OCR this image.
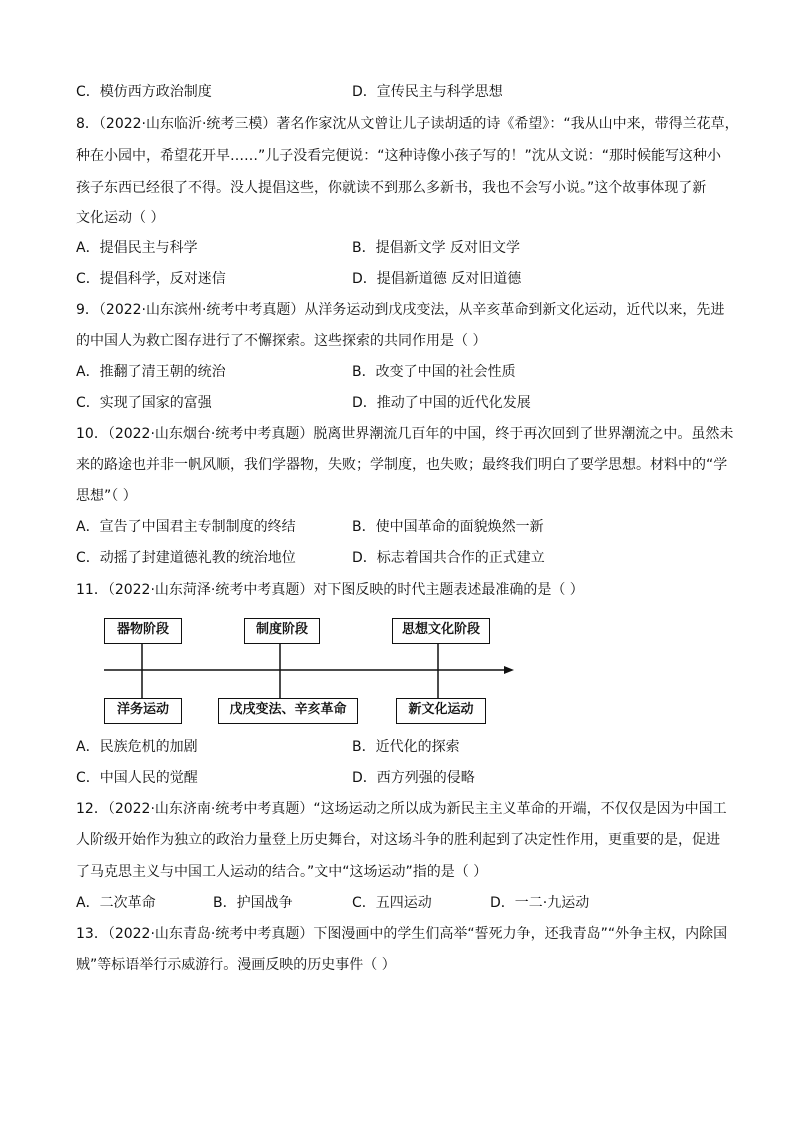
C．模仿西方政治制度	D．宣传民主与科学思想
8．（2022·山东临沂·统考三模）著名作家沈从文曾让儿子读胡适的诗《希望》：“我从山中来，带得兰花草，
种在小园中，希望花开早……”儿子没看完便说：“这种诗像小孩子写的！”沈从文说：“那时候能写这种小
孩子东西已经很了不得。没人提倡这些，你就读不到那么多新书，我也不会写小说。”这个故事体现了新
文化运动（ ）
A．提倡民主与科学	B．提倡新文学 反对旧文学
C．提倡科学，反对迷信	D．提倡新道德 反对旧道德
9．（2022·山东滨州·统考中考真题）从洋务运动到戊戌变法，从辛亥革命到新文化运动，近代以来，先进
的中国人为救亡图存进行了不懈探索。这些探索的共同作用是（ ）
A．推翻了清王朝的统治	B．改变了中国的社会性质
C．实现了国家的富强	D．推动了中国的近代化发展
10．（2022·山东烟台·统考中考真题）脱离世界潮流几百年的中国，终于再次回到了世界潮流之中。虽然未
来的路途也并非一帆风顺，我们学器物，失败；学制度，也失败；最终我们明白了要学思想。材料中的“学
思想”（ ）
A．宣告了中国君主专制制度的终结	B．使中国革命的面貌焕然一新
C．动摇了封建道德礼教的统治地位	D．标志着国共合作的正式建立
11．（2022·山东菏泽·统考中考真题）对下图反映的时代主题表述最准确的是（ ）
器物阶段	制度阶段	思想文化阶段
洋务运动	戊戌变法、辛亥革命	新文化运动
A．民族危机的加剧	B．近代化的探索
C．中国人民的觉醒	D．西方列强的侵略
12．（2022·山东济南·统考中考真题）“这场运动之所以成为新民主主义革命的开端，不仅仅是因为中国工
人阶级开始作为独立的政治力量登上历史舞台，对这场斗争的胜利起到了决定性作用，更重要的是，促进
了马克思主义与中国工人运动的结合。”文中“这场运动”指的是（ ）
A．二次革命	B．护国战争	C．五四运动	D．一二·九运动
13．（2022·山东青岛·统考中考真题）下图漫画中的学生们高举“誓死力争，还我青岛”“外争主权，内除国
贼”等标语举行示威游行。漫画反映的历史事件（ ）
